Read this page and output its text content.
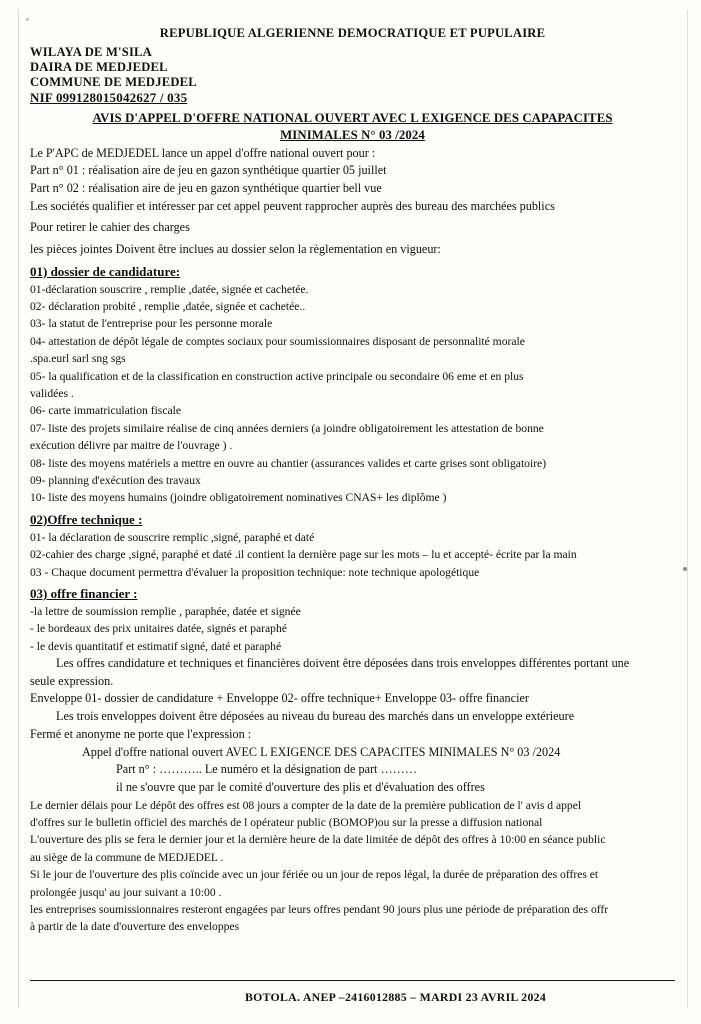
REPUBLIQUE ALGERIENNE DEMOCRATIQUE ET PUPULAIRE
WILAYA DE M'SILA
DAIRA DE MEDJEDEL
COMMUNE DE MEDJEDEL
NIF 099128015042627 / 035
AVIS D'APPEL D'OFFRE NATIONAL OUVERT AVEC L EXIGENCE DES CAPAPACITES
MINIMALES N° 03 /2024
Le P'APC de MEDJEDEL lance un appel d'offre national ouvert pour :
Part n° 01 : réalisation aire de jeu en gazon synthétique quartier 05 juillet
Part n° 02 : réalisation aire de jeu en gazon synthétique quartier bell vue
Les sociétés qualifier et intéresser par cet appel peuvent rapprocher auprès des bureau des marchées publics
Pour retirer le cahier des charges
les pièces jointes Doivent être inclues au dossier selon la règlementation en vigueur:
01) dossier de candidature:
01-déclaration souscrire , remplie ,datée, signée et cachetée.
02- déclaration probité , remplie ,datée, signée et cachetée..
03- la statut de l'entreprise pour les personne morale
04- attestation de dépôt légale de comptes sociaux pour soumissionnaires disposant de personnalité morale
.spa.eurl sarl sng sgs
05- la qualification et de la classification en construction active principale ou secondaire 06 eme et en plus
validées .
06- carte immatriculation fiscale
07- liste des projets similaire réalise de cinq années derniers (a joindre obligatoirement les attestation de bonne
exécution délivre par maitre de l'ouvrage ) .
08- liste des moyens matériels a mettre en ouvre au chantier (assurances valides et carte grises sont obligatoire)
09- planning d'exécution des travaux
10- liste des moyens humains (joindre obligatoirement nominatives CNAS+ les diplôme )
02)Offre technique :
01- la déclaration de souscrire remplic ,signé, paraphé et daté
02-cahier des charge ,signé, paraphé et daté .il contient la dernière page sur les mots – lu et accepté- écrite par la main
03 - Chaque document permettra d'évaluer la proposition technique: note technique apologétique
03) offre financier :
-la lettre de soumission remplie , paraphée, datée et signée
- le bordeaux des prix unitaires datée, signés et paraphé
- le devis quantitatif et estimatif signé, daté et paraphé
Les offres candidature et techniques et financières doivent être déposées dans trois enveloppes différentes portant une
seule expression.
Enveloppe 01- dossier de candidature + Enveloppe 02- offre technique+ Enveloppe 03- offre financier
Les trois enveloppes doivent être déposées au niveau du bureau des marchés dans un enveloppe extérieure
Fermé et anonyme ne porte que l'expression :
Appel d'offre national ouvert AVEC L EXIGENCE DES CAPACITES MINIMALES N° 03 /2024
Part n° : ……….. Le numéro et la désignation de part ………
il ne s'ouvre que par le comité d'ouverture des plis et d'évaluation des offres
Le dernier délais pour Le dépôt des offres est 08 jours a compter de la date de la première publication de l' avis d appel
d'offres sur le bulletin officiel des marchés de l opérateur public (BOMOP)ou sur la presse a diffusion national
L'ouverture des plis se fera le dernier jour et la dernière heure de la date limitée de dépôt des offres à 10:00 en séance public
au siège de la commune de MEDJEDEL .
Si le jour de l'ouverture des plis coïncide avec un jour fériée ou un jour de repos légal, la durée de préparation des offres et
prolongée jusqu' au jour suivant a 10:00 .
les entreprises soumissionnaires resteront engagées par leurs offres pendant 90 jours plus une période de préparation des offr
à partir de la date d'ouverture des enveloppes
BOTOLA. ANEP –2416012885 – MARDI 23 AVRIL 2024
